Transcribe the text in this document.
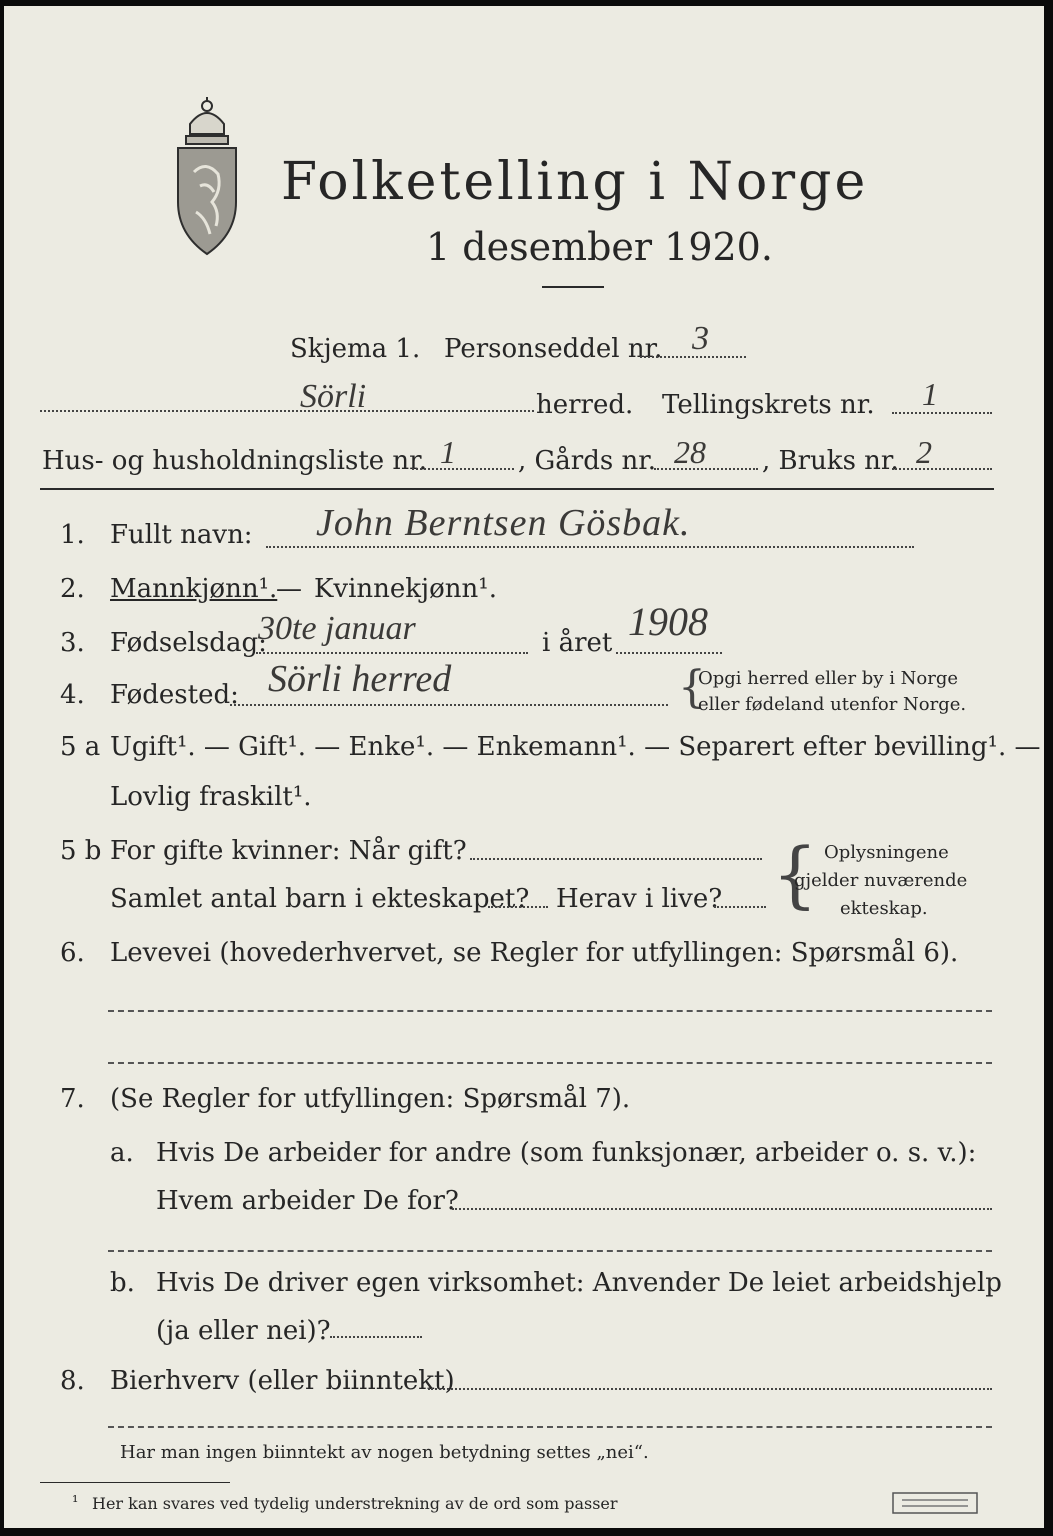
Folketelling i Norge
1 desember 1920.
Skjema 1. Personseddel nr. 3
Sörli	herred. Tellingskrets nr. 1
Hus- og husholdningsliste nr. 1 , Gårds nr. 28 , Bruks nr. 2
1. Fullt navn: John Berntsen Gösbak.
2. Mannkjønn¹.
— Kvinnekjønn¹.
3. Fødselsdag:
30te januar	i året 1908
4. Fødested: Sörli herred	{
Opgi herred eller by i Norge
eller fødeland utenfor Norge.
5 a Ugift¹. — Gift¹. — Enke¹. — Enkemann¹. — Separert efter bevilling¹. —
Lovlig fraskilt¹.
5 b For gifte kvinner: Når gift?
Samlet antal barn i ekteskapet? Herav i live? { Oplysningene
gjelder nuværende
ekteskap.
6. Levevei (hovederhvervet, se Regler for utfyllingen: Spørsmål 6).
7. (Se Regler for utfyllingen: Spørsmål 7).
a. Hvis De arbeider for andre (som funksjonær, arbeider o. s. v.):
Hvem arbeider De for?
b. Hvis De driver egen virksomhet: Anvender De leiet arbeidshjelp
(ja eller nei)?
8. Bierhverv (eller biinntekt)
Har man ingen biinntekt av nogen betydning settes „nei“.
¹ Her kan svares ved tydelig understrekning av de ord som passer
